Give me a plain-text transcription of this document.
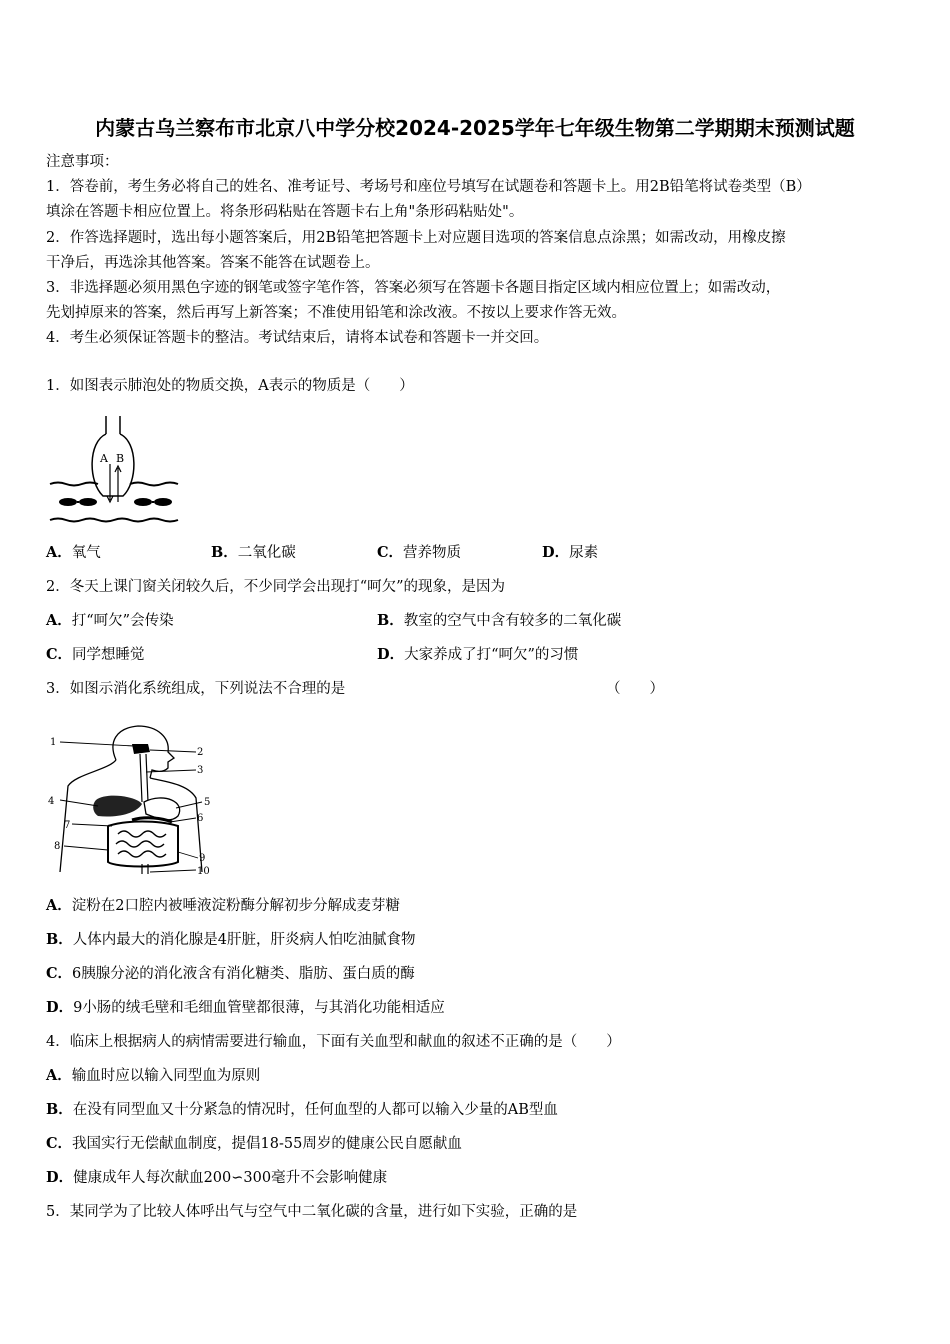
内蒙古乌兰察布市北京八中学分校2024-2025学年七年级生物第二学期期末预测试题
注意事项：
1．答卷前，考生务必将自己的姓名、准考证号、考场号和座位号填写在试题卷和答题卡上。用2B铅笔将试卷类型（B）
填涂在答题卡相应位置上。将条形码粘贴在答题卡右上角"条形码粘贴处"。
2．作答选择题时，选出每小题答案后，用2B铅笔把答题卡上对应题目选项的答案信息点涂黑；如需改动，用橡皮擦
干净后，再选涂其他答案。答案不能答在试题卷上。
3．非选择题必须用黑色字迹的钢笔或签字笔作答，答案必须写在答题卡各题目指定区域内相应位置上；如需改动，
先划掉原来的答案，然后再写上新答案；不准使用铅笔和涂改液。不按以上要求作答无效。
4．考生必须保证答题卡的整洁。考试结束后，请将本试卷和答题卡一并交回。
1．如图表示肺泡处的物质交换，A表示的物质是（　　）
A B
A．氧气	B．二氧化碳	C．营养物质	D．尿素
2．冬天上课门窗关闭较久后，不少同学会出现打“呵欠”的现象，是因为
A．打“呵欠”会传染	B．教室的空气中含有较多的二氧化碳
C．同学想睡觉	D．大家养成了打“呵欠”的习惯
3．如图示消化系统组成，下列说法不合理的是	（　　）
1
2
3
4	5
6
7
8
9
10
A．淀粉在2口腔内被唾液淀粉酶分解初步分解成麦芽糖
B．人体内最大的消化腺是4肝脏，肝炎病人怕吃油腻食物
C．6胰腺分泌的消化液含有消化糖类、脂肪、蛋白质的酶
D．9小肠的绒毛壁和毛细血管壁都很薄，与其消化功能相适应
4．临床上根据病人的病情需要进行输血，下面有关血型和献血的叙述不正确的是（　　）
A．输血时应以输入同型血为原则
B．在没有同型血又十分紧急的情况时，任何血型的人都可以输入少量的AB型血
C．我国实行无偿献血制度，提倡18-55周岁的健康公民自愿献血
D．健康成年人每次献血200∽300毫升不会影响健康
5．某同学为了比较人体呼出气与空气中二氧化碳的含量，进行如下实验，正确的是
